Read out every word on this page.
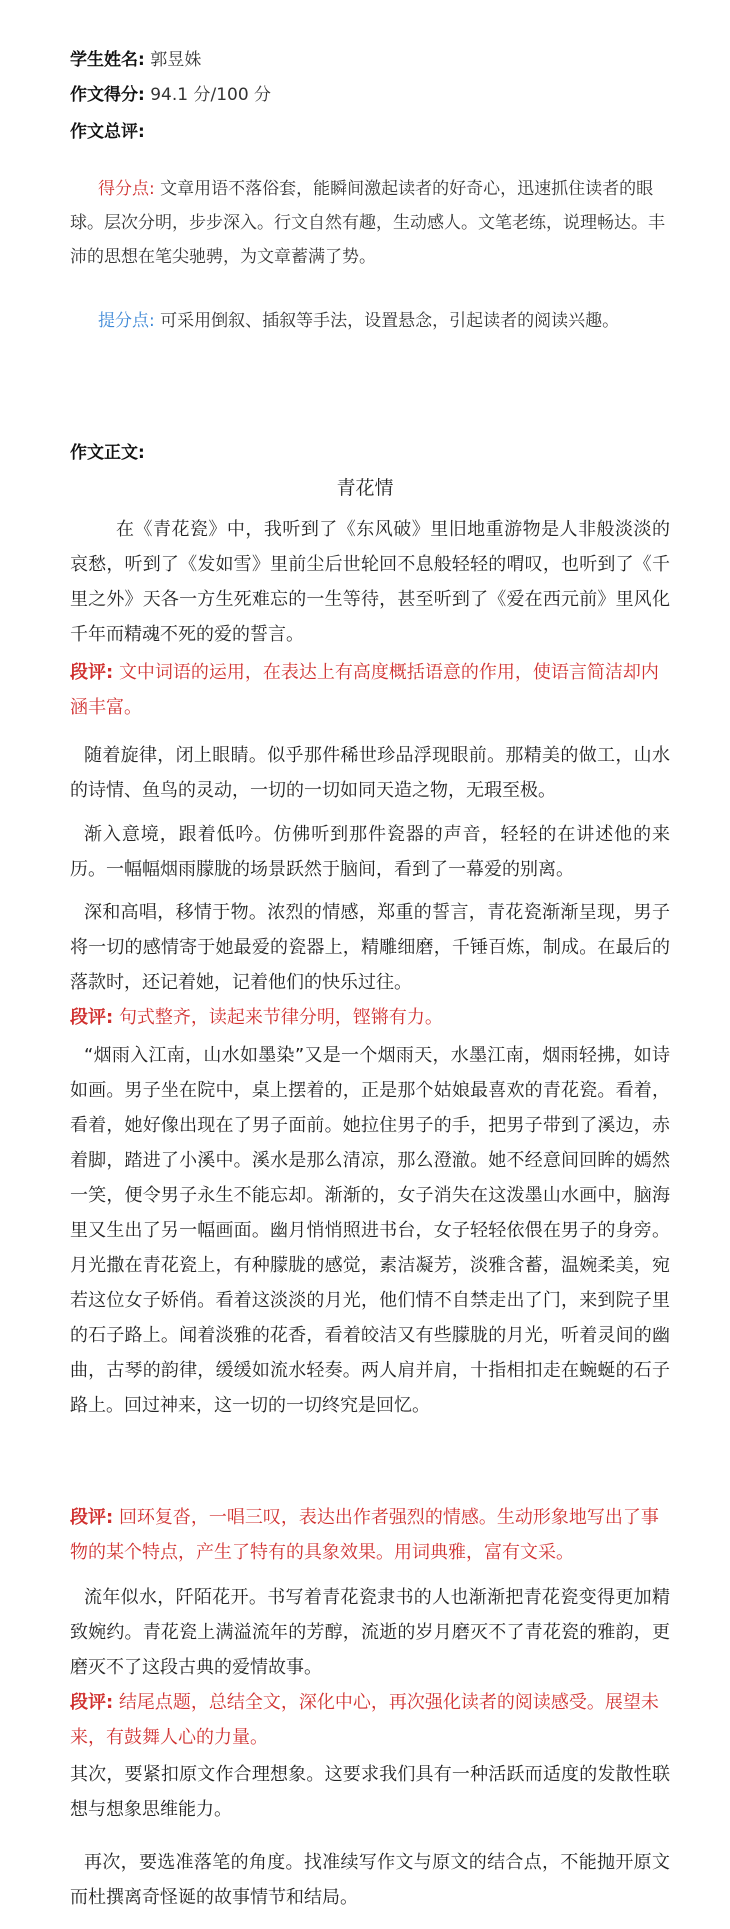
学生姓名: 郭昱姝
作文得分: 94.1 分/100 分
作文总评:
得分点: 文章用语不落俗套，能瞬间激起读者的好奇心，迅速抓住读者的眼球。层次分明，步步深入。行文自然有趣，生动感人。文笔老练，说理畅达。丰沛的思想在笔尖驰骋，为文章蓄满了势。
提分点: 可采用倒叙、插叙等手法，设置悬念，引起读者的阅读兴趣。
作文正文:
青花情
在《青花瓷》中，我听到了《东风破》里旧地重游物是人非般淡淡的哀愁，听到了《发如雪》里前尘后世轮回不息般轻轻的喟叹，也听到了《千里之外》天各一方生死难忘的一生等待，甚至听到了《爱在西元前》里风化千年而精魂不死的爱的誓言。
段评: 文中词语的运用，在表达上有高度概括语意的作用，使语言简洁却内涵丰富。
随着旋律，闭上眼睛。似乎那件稀世珍品浮现眼前。那精美的做工，山水的诗情、鱼鸟的灵动，一切的一切如同天造之物，无瑕至极。
渐入意境，跟着低吟。仿佛听到那件瓷器的声音，轻轻的在讲述他的来历。一幅幅烟雨朦胧的场景跃然于脑间，看到了一幕爱的别离。
深和高唱，移情于物。浓烈的情感，郑重的誓言，青花瓷渐渐呈现，男子将一切的感情寄于她最爱的瓷器上，精雕细磨，千锤百炼，制成。在最后的落款时，还记着她，记着他们的快乐过往。
段评: 句式整齐，读起来节律分明，铿锵有力。
“烟雨入江南，山水如墨染”又是一个烟雨天，水墨江南，烟雨轻拂，如诗如画。男子坐在院中，桌上摆着的，正是那个姑娘最喜欢的青花瓷。看着，看着，她好像出现在了男子面前。她拉住男子的手，把男子带到了溪边，赤着脚，踏进了小溪中。溪水是那么清凉，那么澄澈。她不经意间回眸的嫣然一笑，便令男子永生不能忘却。渐渐的，女子消失在这泼墨山水画中，脑海里又生出了另一幅画面。幽月悄悄照进书台，女子轻轻依偎在男子的身旁。月光撒在青花瓷上，有种朦胧的感觉，素洁凝芳，淡雅含蓄，温婉柔美，宛若这位女子娇俏。看着这淡淡的月光，他们情不自禁走出了门，来到院子里的石子路上。闻着淡雅的花香，看着皎洁又有些朦胧的月光，听着灵间的幽曲，古琴的韵律，缓缓如流水轻奏。两人肩并肩，十指相扣走在蜿蜒的石子路上。回过神来，这一切的一切终究是回忆。
段评: 回环复沓，一唱三叹，表达出作者强烈的情感。生动形象地写出了事物的某个特点，产生了特有的具象效果。用词典雅，富有文采。
流年似水，阡陌花开。书写着青花瓷隶书的人也渐渐把青花瓷变得更加精致婉约。青花瓷上满溢流年的芳醇，流逝的岁月磨灭不了青花瓷的雅韵，更磨灭不了这段古典的爱情故事。
段评: 结尾点题，总结全文，深化中心，再次强化读者的阅读感受。展望未来，有鼓舞人心的力量。
其次，要紧扣原文作合理想象。这要求我们具有一种活跃而适度的发散性联想与想象思维能力。
再次，要选准落笔的角度。找准续写作文与原文的结合点，不能抛开原文而杜撰离奇怪诞的故事情节和结局。
